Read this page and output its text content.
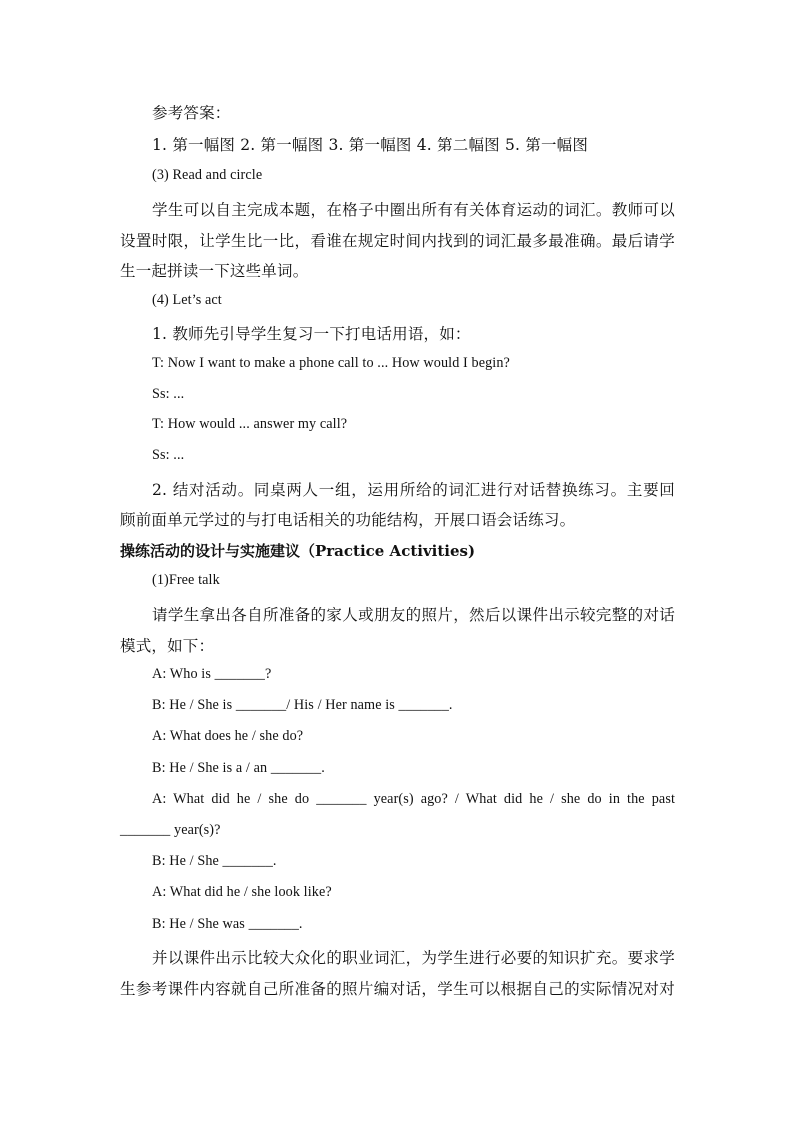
参考答案：
1. 第一幅图 2. 第一幅图 3. 第一幅图 4. 第二幅图 5. 第一幅图
(3) Read and circle
学生可以自主完成本题，在格子中圈出所有有关体育运动的词汇。教师可以
设置时限，让学生比一比，看谁在规定时间内找到的词汇最多最准确。最后请学
生一起拼读一下这些单词。
(4) Let’s act
1. 教师先引导学生复习一下打电话用语，如：
T: Now I want to make a phone call to ... How would I begin?
Ss: ...
T: How would ... answer my call?
Ss: ...
2. 结对活动。同桌两人一组，运用所给的词汇进行对话替换练习。主要回
顾前面单元学过的与打电话相关的功能结构，开展口语会话练习。
操练活动的设计与实施建议（Practice Activities)
(1)Free talk
请学生拿出各自所准备的家人或朋友的照片，然后以课件出示较完整的对话
模式，如下：
A: Who is _______?
B: He / She is _______/ His / Her name is _______.
A: What does he / she do?
B: He / She is a / an _______.
A: What did he / she do _______ year(s) ago? / What did he / she do in the past
_______ year(s)?
B: He / She _______.
A: What did he / she look like?
B: He / She was _______.
并以课件出示比较大众化的职业词汇，为学生进行必要的知识扩充。要求学
生参考课件内容就自己所准备的照片编对话，学生可以根据自己的实际情况对对
